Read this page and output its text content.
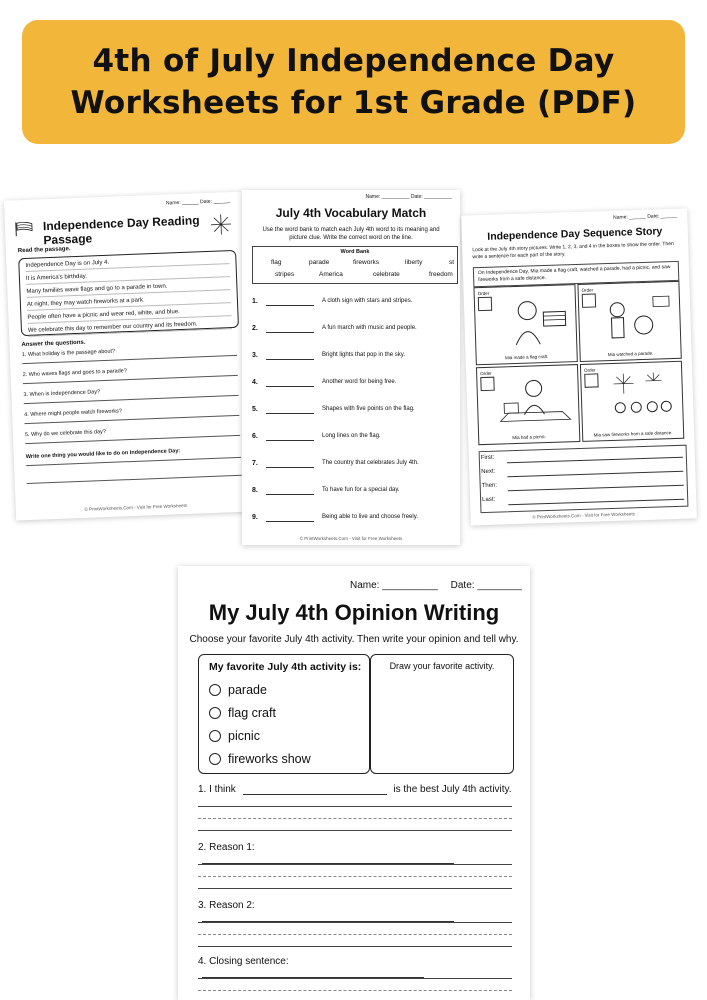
4th of July Independence Day
Worksheets for 1st Grade (PDF)
Name: ______ Date: ______
Independence Day Reading Passage
Read the passage.

Independence Day is on July 4.

It is America's birthday.

Many families wave flags and go to a parade in town.

At night, they may watch fireworks at a park.

People often have a picnic and wear red, white, and blue.

We celebrate this day to remember our country and its freedom.

Answer the questions.
1. What holiday is the passage about?
2. Who waves flags and goes to a parade?
3. When is Independence Day?
4. Where might people watch fireworks?
5. Why do we celebrate this day?
Write one thing you would like to do on Independence Day:
© PrintWorksheets.Com - Visit for Free Worksheets
Name: __________ Date: __________
July 4th Vocabulary Match
Use the word bank to match each July 4th word to its meaning and picture clue. Write the correct word on the line.
Word Bank
flag	parade	fireworks	liberty	st
stripes	America	celebrate	freedom
1.	A cloth sign with stars and stripes.
2.	A fun march with music and people.
3.	Bright lights that pop in the sky.
4.	Another word for being free.
5.	Shapes with five points on the flag.
6.	Long lines on the flag.
7.	The country that celebrates July 4th.
8.	To have fun for a special day.
9.	Being able to live and choose freely.
© PrintWorksheets.Com - Visit for Free Worksheets
Name: ______ Date: ______
Independence Day Sequence Story
Look at the July 4th story pictures. Write 1, 2, 3, and 4 in the boxes to show the order. Then write a sentence for each part of the story.
On Independence Day, Mia made a flag craft, watched a parade, had a picnic, and saw fireworks from a safe distance.
Order
Mia made a flag craft.
Order
Mia watched a parade.
Order
Mia had a picnic.
Order
Mia saw fireworks from a safe distance.
First:
Next:
Then:
Last:
© PrintWorksheets.Com - Visit for Free Worksheets
Name: __________ Date: ________
My July 4th Opinion Writing
Choose your favorite July 4th activity. Then write your opinion and tell why.
My favorite July 4th activity is:
parade
flag craft
picnic
fireworks show
Draw your favorite activity.
1. I think	is the best July 4th activity.
2. Reason 1:
3. Reason 2:
4. Closing sentence:
